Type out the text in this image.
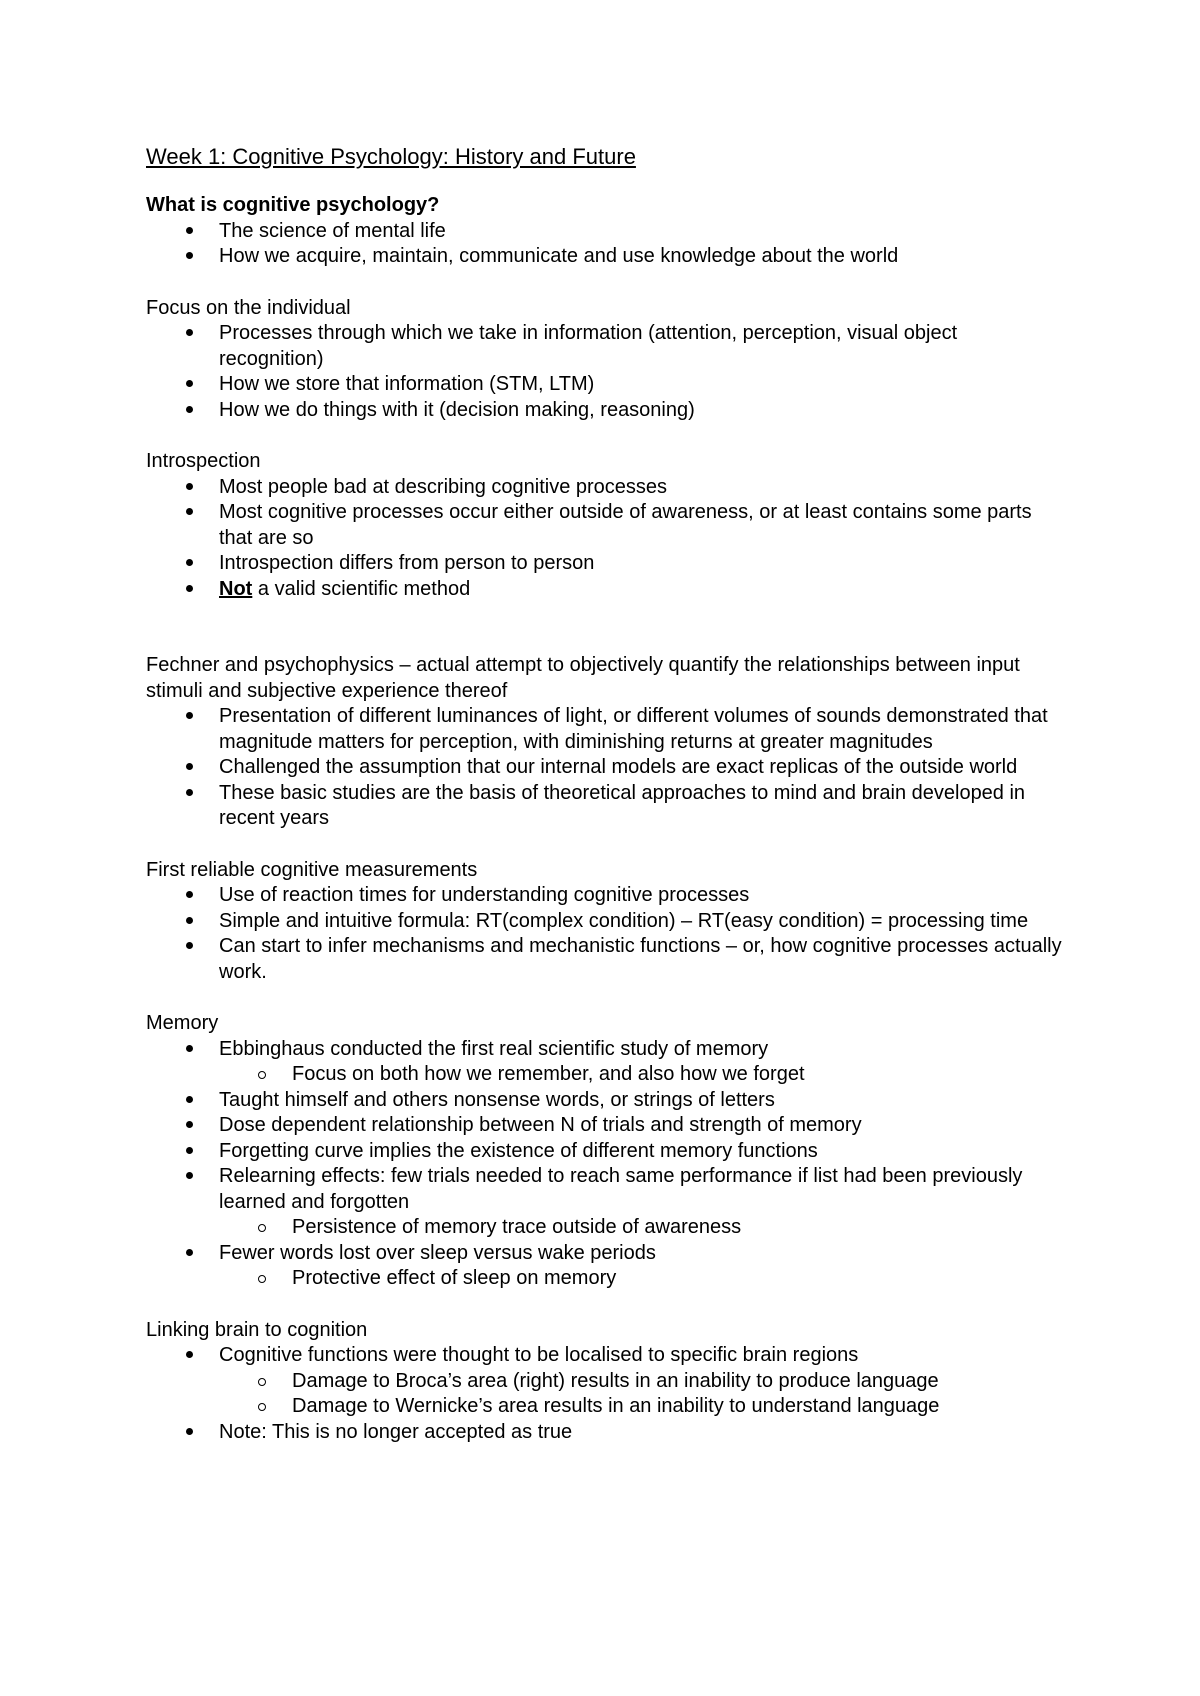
Week 1: Cognitive Psychology: History and Future

What is cognitive psychology?

The science of mental life
How we acquire, maintain, communicate and use knowledge about the world

Focus on the individual

Processes through which we take in information (attention, perception, visual object recognition)
How we store that information (STM, LTM)
How we do things with it (decision making, reasoning)

Introspection

Most people bad at describing cognitive processes
Most cognitive processes occur either outside of awareness, or at least contains some parts that are so
Introspection differs from person to person
Not a valid scientific method

Fechner and psychophysics – actual attempt to objectively quantify the relationships between input stimuli and subjective experience thereof

Presentation of different luminances of light, or different volumes of sounds demonstrated that magnitude matters for perception, with diminishing returns at greater magnitudes
Challenged the assumption that our internal models are exact replicas of the outside world
These basic studies are the basis of theoretical approaches to mind and brain developed in recent years

First reliable cognitive measurements

Use of reaction times for understanding cognitive processes
Simple and intuitive formula: RT(complex condition) – RT(easy condition) = processing time
Can start to infer mechanisms and mechanistic functions – or, how cognitive processes actually work.

Memory

Ebbinghaus conducted the first real scientific study of memory
Focus on both how we remember, and also how we forget
Taught himself and others nonsense words, or strings of letters
Dose dependent relationship between N of trials and strength of memory
Forgetting curve implies the existence of different memory functions
Relearning effects: few trials needed to reach same performance if list had been previously learned and forgotten
Persistence of memory trace outside of awareness
Fewer words lost over sleep versus wake periods
Protective effect of sleep on memory

Linking brain to cognition

Cognitive functions were thought to be localised to specific brain regions
Damage to Broca’s area (right) results in an inability to produce language
Damage to Wernicke’s area results in an inability to understand language
Note: This is no longer accepted as true
